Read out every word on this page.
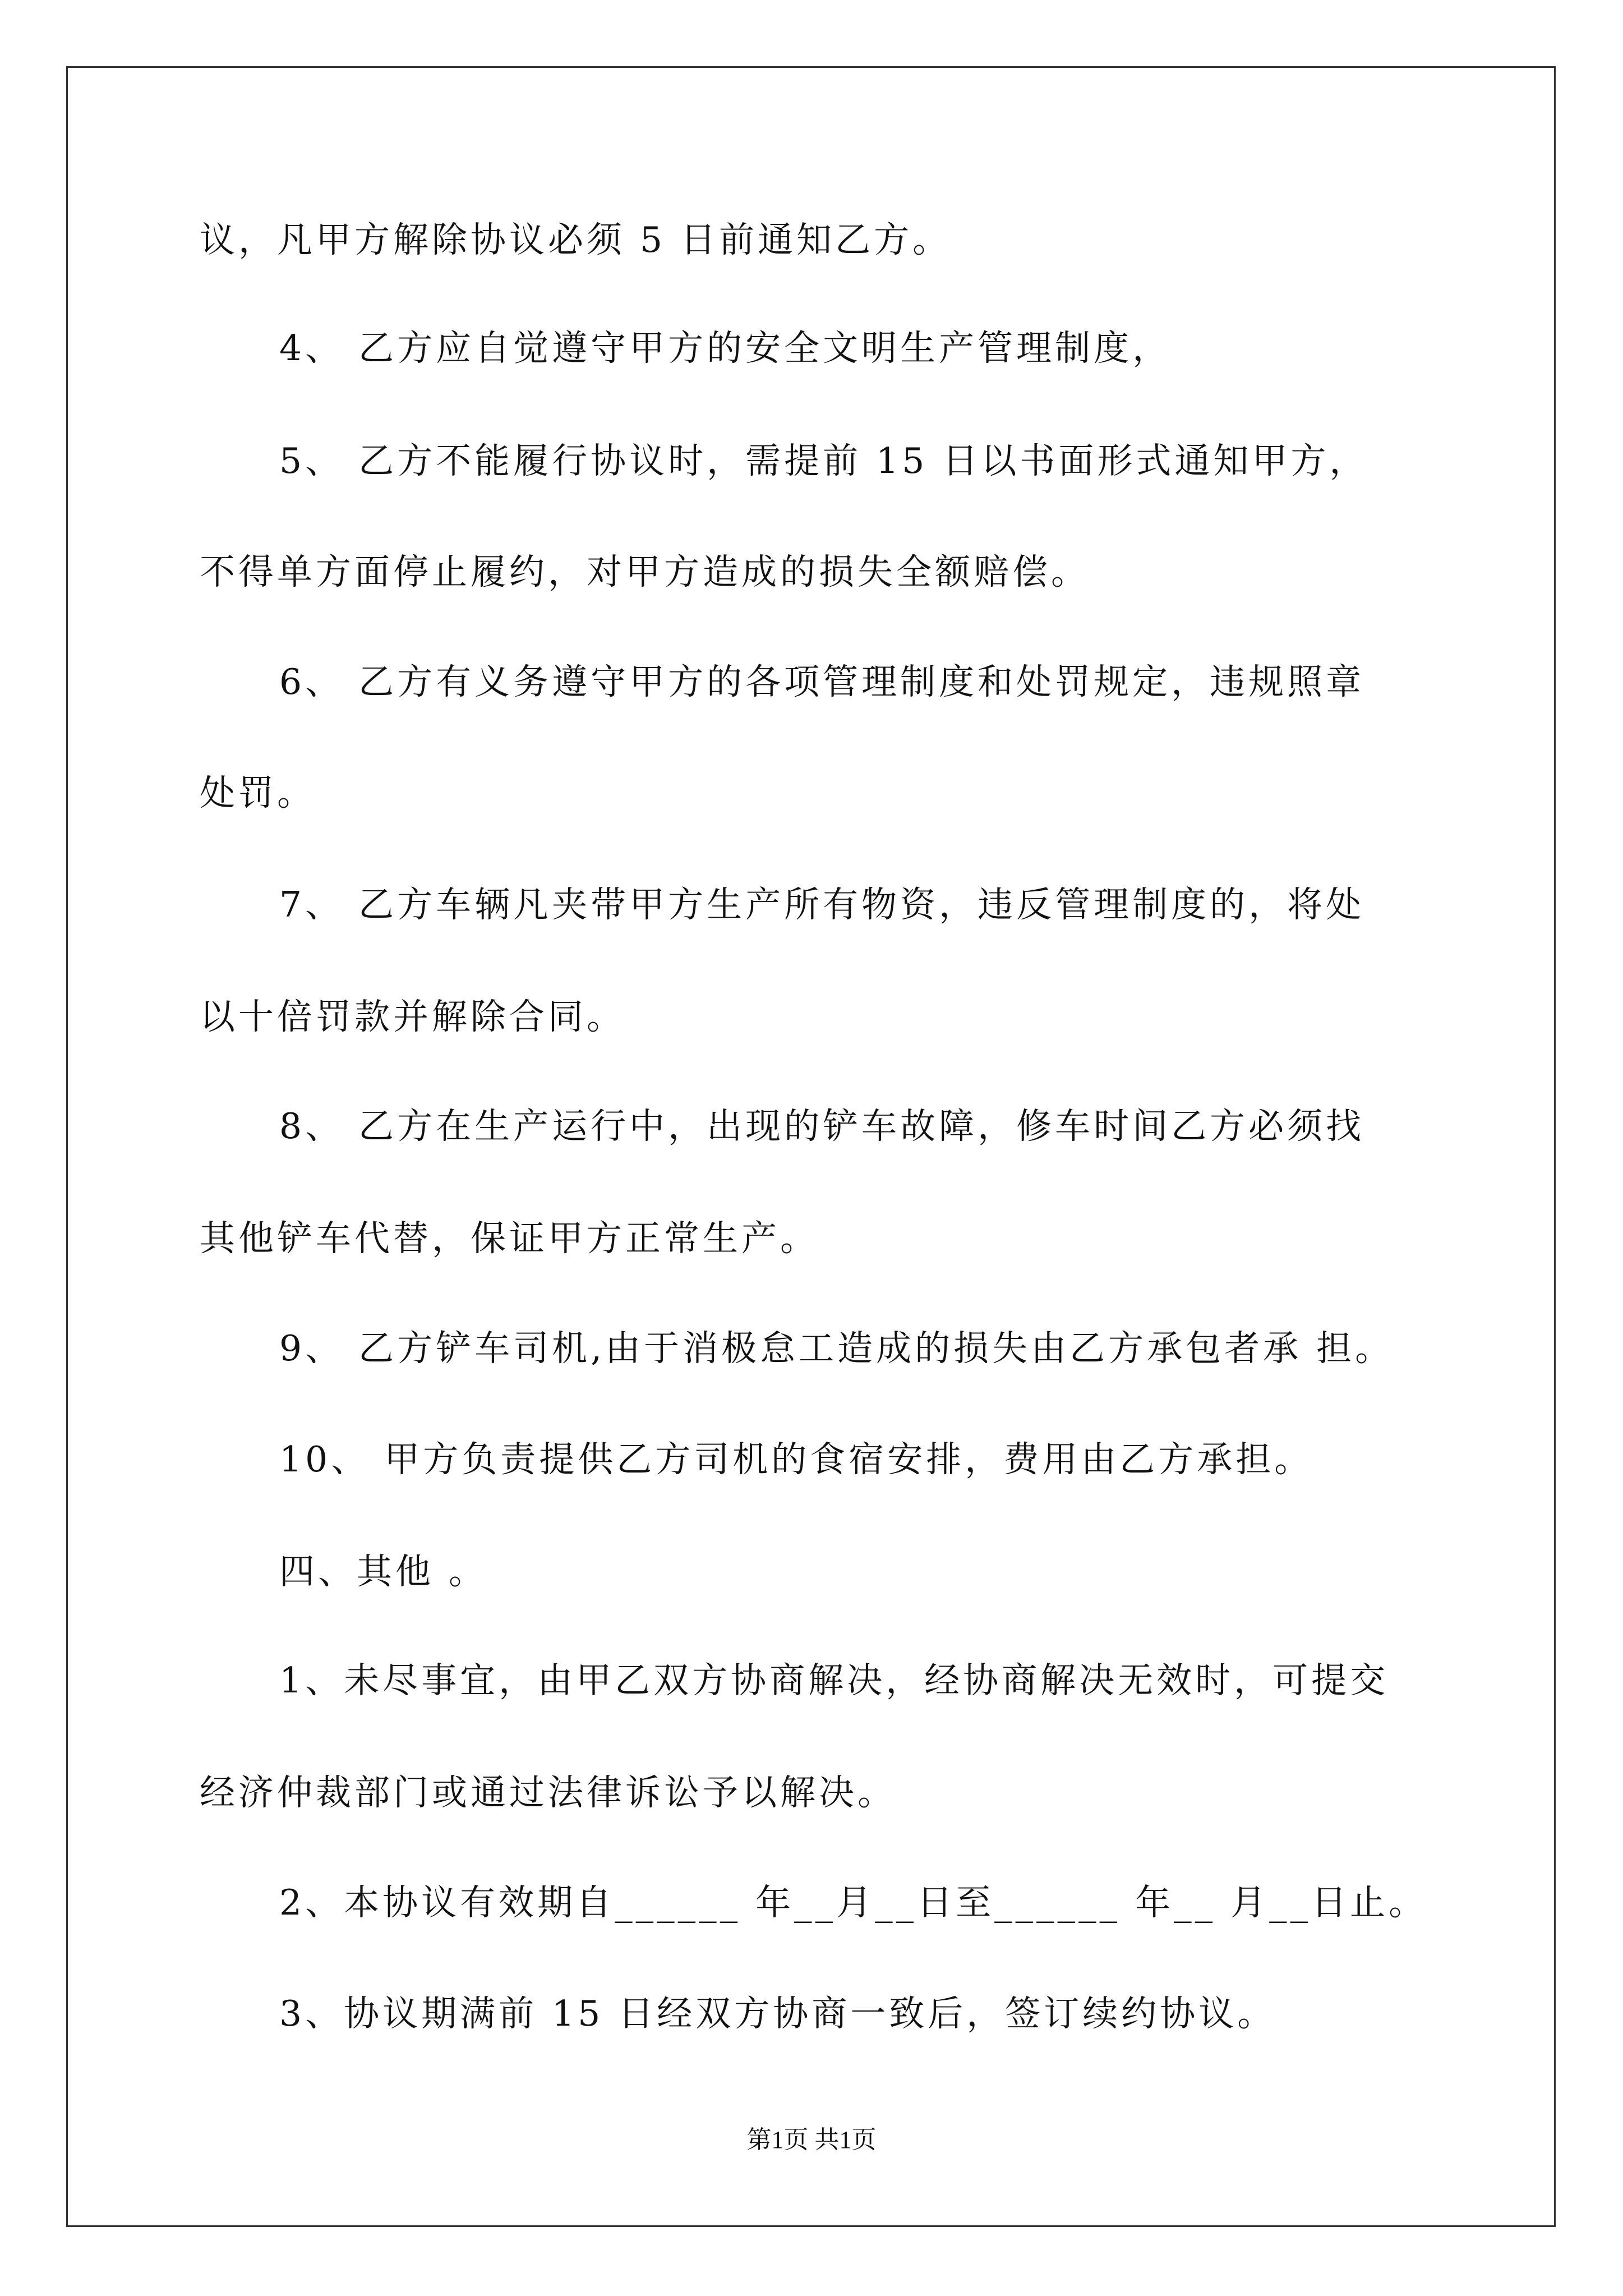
议，凡甲方解除协议必须 5 日前通知乙方。
4、 乙方应自觉遵守甲方的安全文明生产管理制度，
5、 乙方不能履行协议时，需提前 15 日以书面形式通知甲方，
不得单方面停止履约，对甲方造成的损失全额赔偿。
6、 乙方有义务遵守甲方的各项管理制度和处罚规定，违规照章
处罚。
7、 乙方车辆凡夹带甲方生产所有物资，违反管理制度的，将处
以十倍罚款并解除合同。
8、 乙方在生产运行中，出现的铲车故障，修车时间乙方必须找
其他铲车代替，保证甲方正常生产。
9、 乙方铲车司机,由于消极怠工造成的损失由乙方承包者承 担。
10、 甲方负责提供乙方司机的食宿安排，费用由乙方承担。
四、其他 。
1、未尽事宜，由甲乙双方协商解决，经协商解决无效时，可提交
经济仲裁部门或通过法律诉讼予以解决。
2、本协议有效期自______ 年__月__日至______ 年__ 月__日止。
3、协议期满前 15 日经双方协商一致后，签订续约协议。
第1页 共1页
